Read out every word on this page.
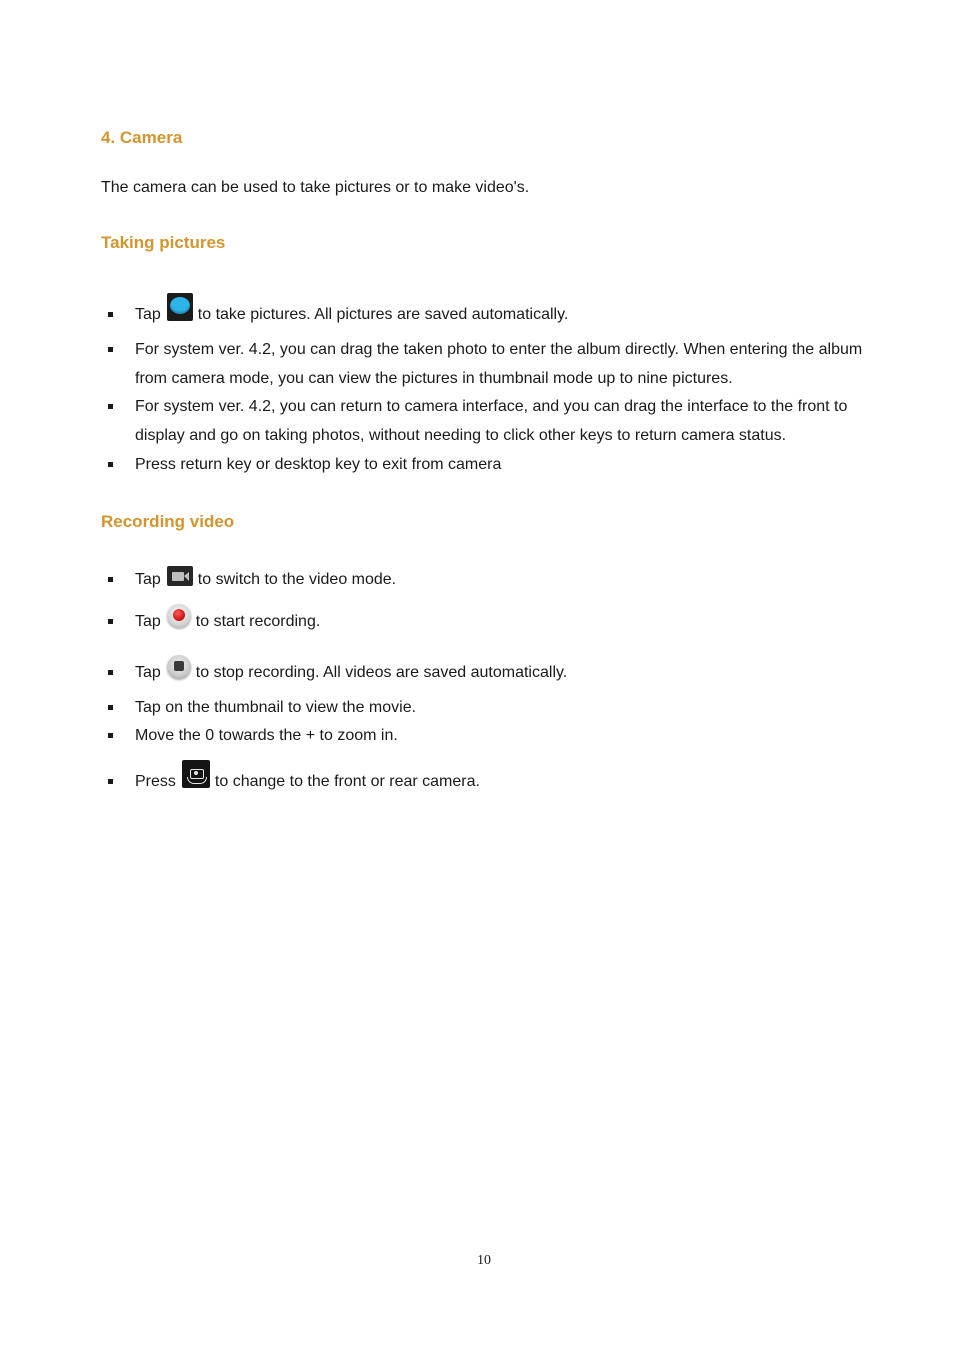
4. Camera

The camera can be used to take pictures or to make video's.

Taking pictures
Tap to take pictures. All pictures are saved automatically.
For system ver. 4.2, you can drag the taken photo to enter the album directly. When entering the album from camera mode, you can view the pictures in thumbnail mode up to nine pictures.
For system ver. 4.2, you can return to camera interface, and you can drag the interface to the front to display and go on taking photos, without needing to click other keys to return camera status.
Press return key or desktop key to exit from camera
Recording video
Tap to switch to the video mode.
Tap to start recording.
Tap to stop recording. All videos are saved automatically.
Tap on the thumbnail to view the movie.
Move the 0 towards the + to zoom in.
Press to change to the front or rear camera.
10
